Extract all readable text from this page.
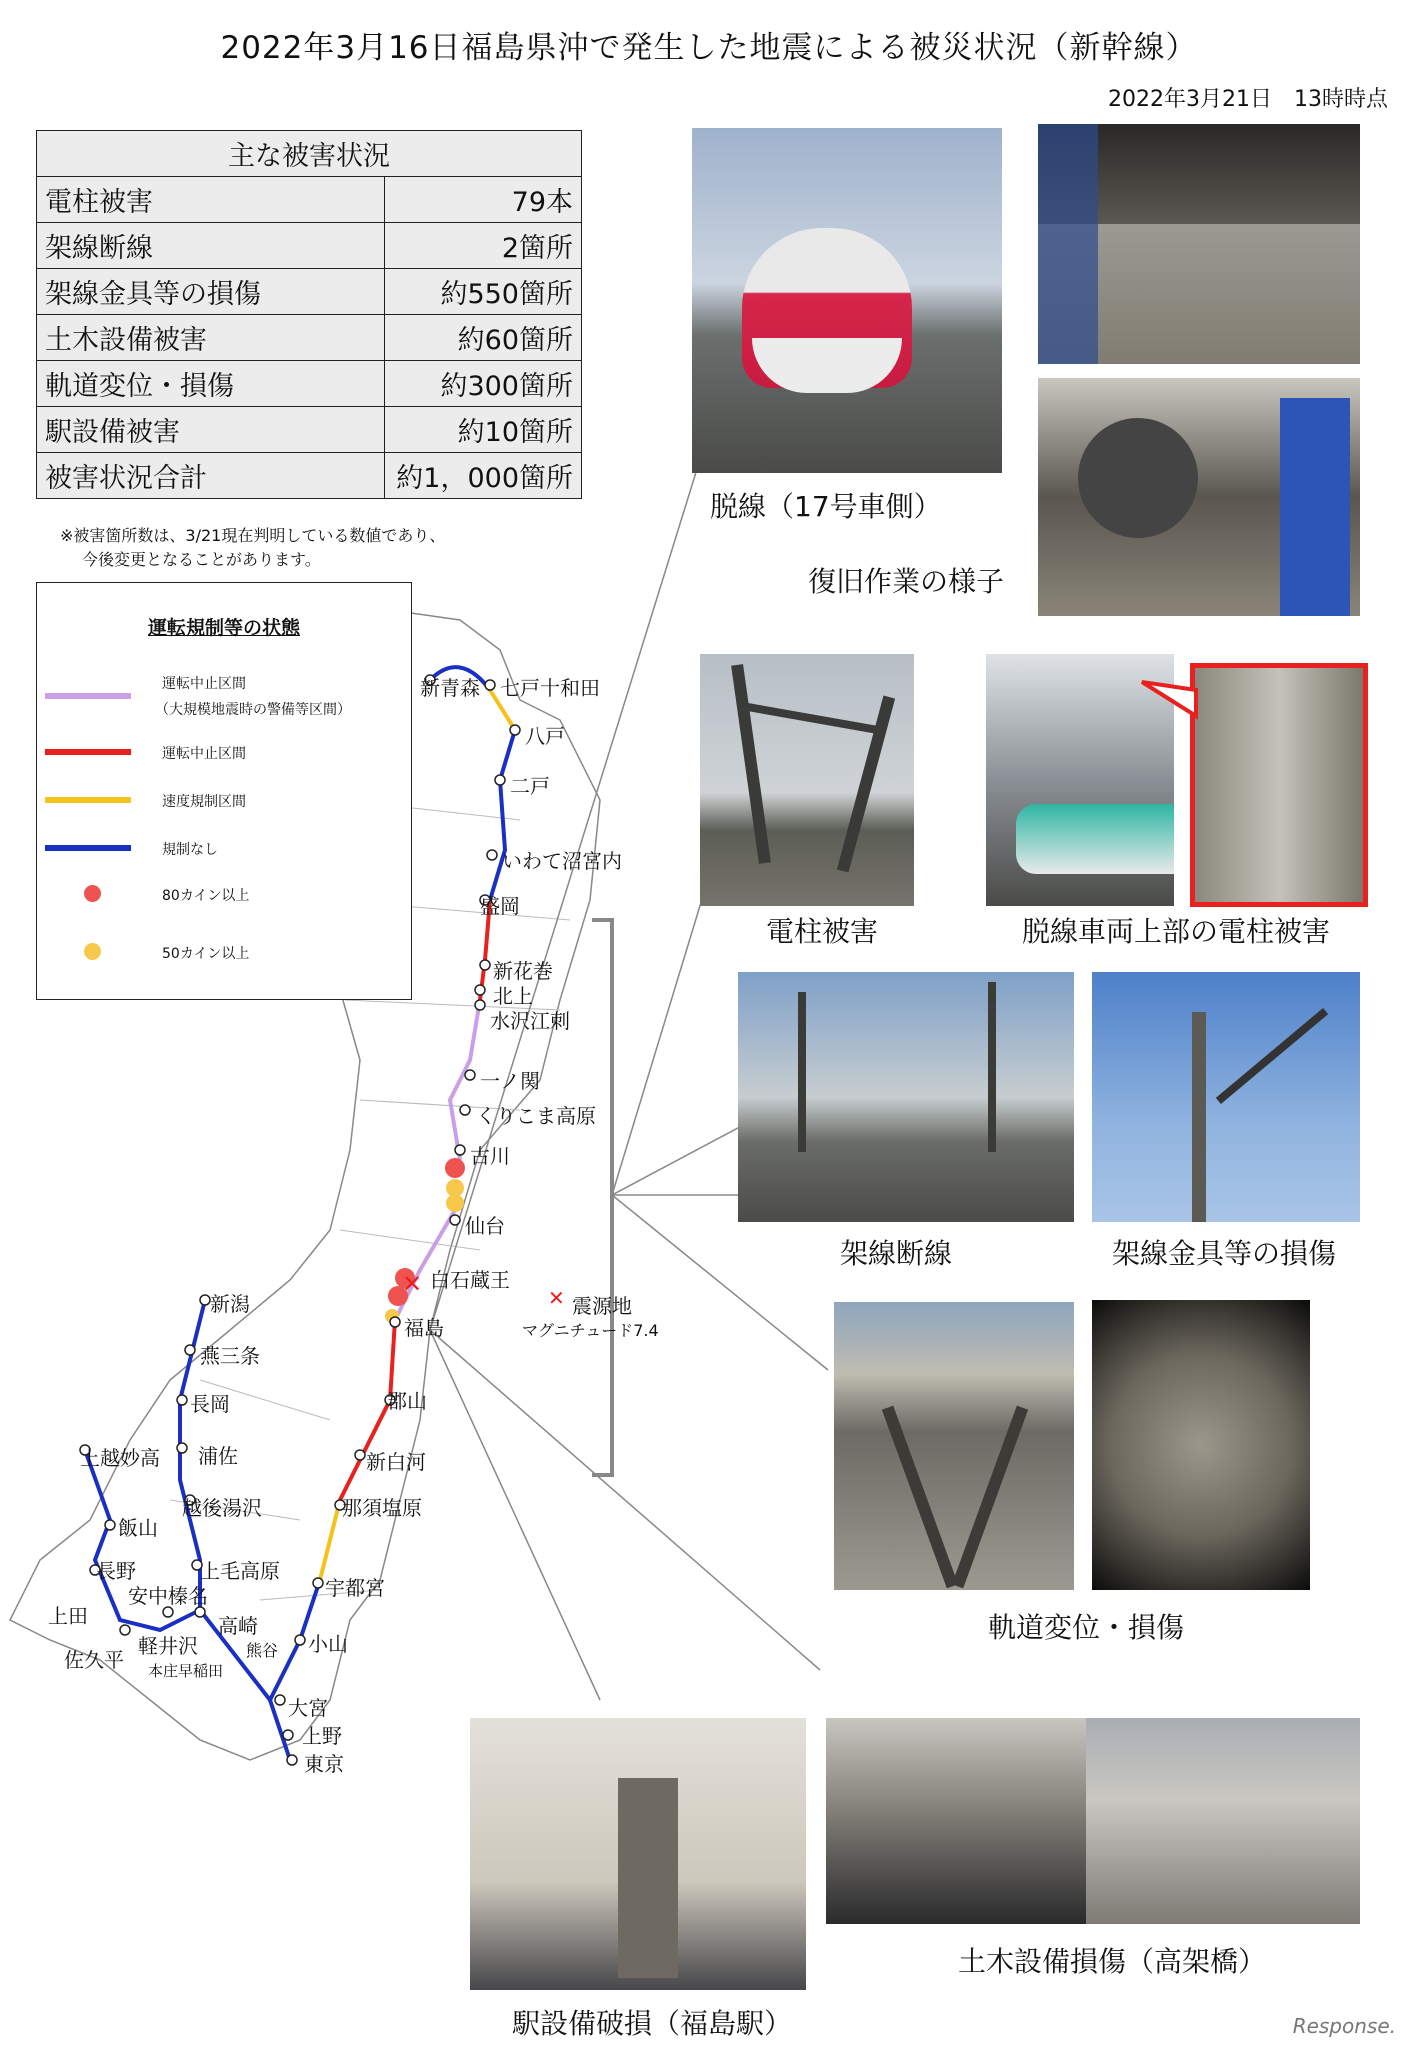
2022年3月16日福島県沖で発生した地震による被災状況（新幹線）
2022年3月21日　13時時点
主な被害状況	
電柱被害	79本
架線断線	2箇所
架線金具等の損傷	約550箇所
土木設備被害	約60箇所
軌道変位・損傷	約300箇所
駅設備被害	約10箇所
被害状況合計	約1，000箇所
※被害箇所数は、3/21現在判明している数値であり、
今後変更となることがあります。
✕	✕
運転規制等の状態
運転中止区間
（大規模地震時の警備等区間）
運転中止区間
速度規制区間
規制なし
80カイン以上
50カイン以上
新青森 七戸十和田
八戸
二戸
いわて沼宮内
盛岡
新花巻
北上
水沢江刺
一ノ関
くりこま高原
古川
仙台
白石蔵王
福島
郡山
新白河
那須塩原
宇都宮
小山
大宮
上野
東京
新潟
燕三条
長岡
浦佐
越後湯沢
上毛高原
高崎
熊谷
本庄早稲田
安中榛名
軽井沢
佐久平
上田
長野
飯山
上越妙高
震源地
マグニチュード7.4
脱線（17号車側）
復旧作業の様子
電柱被害	脱線車両上部の電柱被害
架線断線	架線金具等の損傷
軌道変位・損傷
土木設備損傷（高架橋）
駅設備破損（福島駅）	Response.
